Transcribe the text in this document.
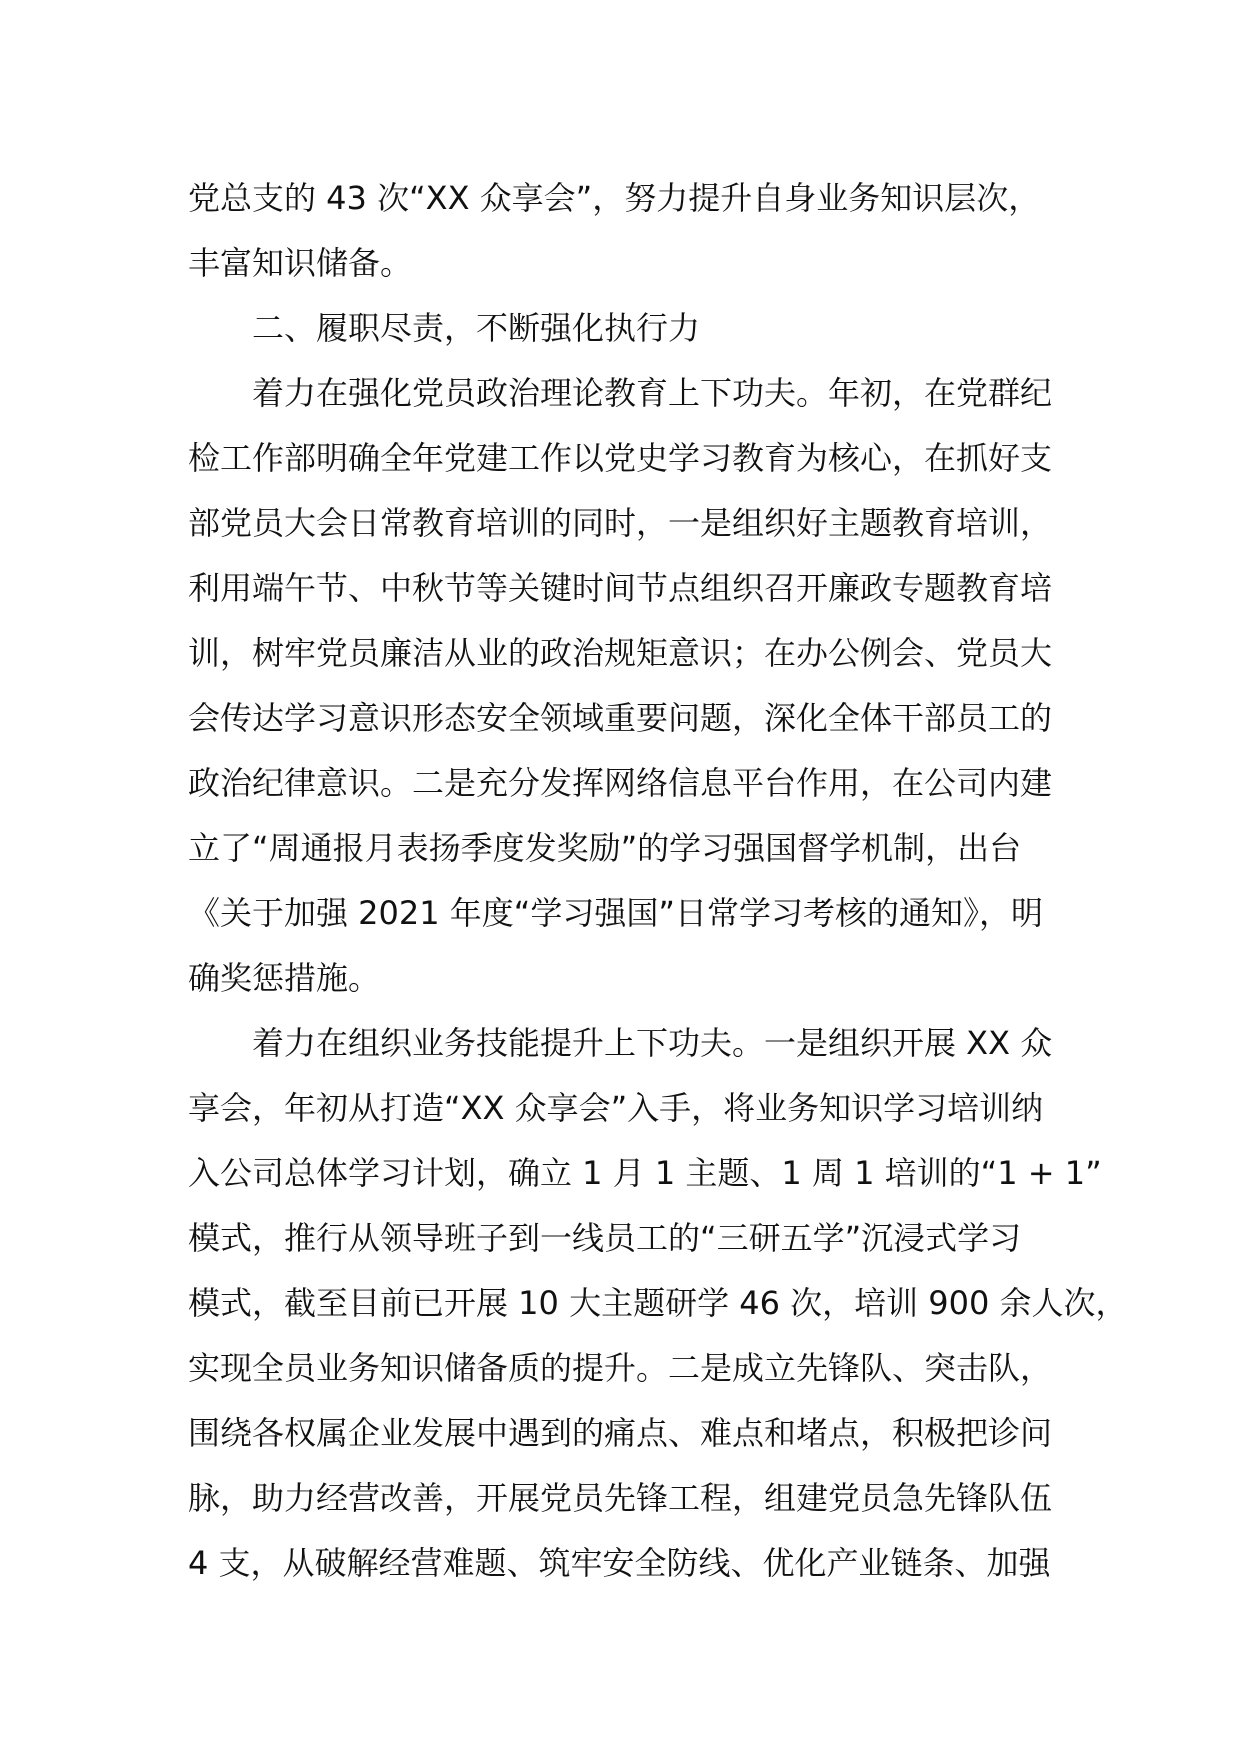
党总支的 43 次“XX 众享会”，努力提升自身业务知识层次，
丰富知识储备。
二、履职尽责，不断强化执行力
着力在强化党员政治理论教育上下功夫。年初，在党群纪
检工作部明确全年党建工作以党史学习教育为核心，在抓好支
部党员大会日常教育培训的同时，一是组织好主题教育培训，
利用端午节、中秋节等关键时间节点组织召开廉政专题教育培
训，树牢党员廉洁从业的政治规矩意识；在办公例会、党员大
会传达学习意识形态安全领域重要问题，深化全体干部员工的
政治纪律意识。二是充分发挥网络信息平台作用，在公司内建
立了“周通报月表扬季度发奖励”的学习强国督学机制，出台
《关于加强 2021 年度“学习强国”日常学习考核的通知》，明
确奖惩措施。
着力在组织业务技能提升上下功夫。一是组织开展 XX 众
享会，年初从打造“XX 众享会”入手，将业务知识学习培训纳
入公司总体学习计划，确立 1 月 1 主题、1 周 1 培训的“1 + 1”
模式，推行从领导班子到一线员工的“三研五学”沉浸式学习
模式，截至目前已开展 10 大主题研学 46 次，培训 900 余人次，
实现全员业务知识储备质的提升。二是成立先锋队、突击队，
围绕各权属企业发展中遇到的痛点、难点和堵点，积极把诊问
脉，助力经营改善，开展党员先锋工程，组建党员急先锋队伍
4 支，从破解经营难题、筑牢安全防线、优化产业链条、加强
